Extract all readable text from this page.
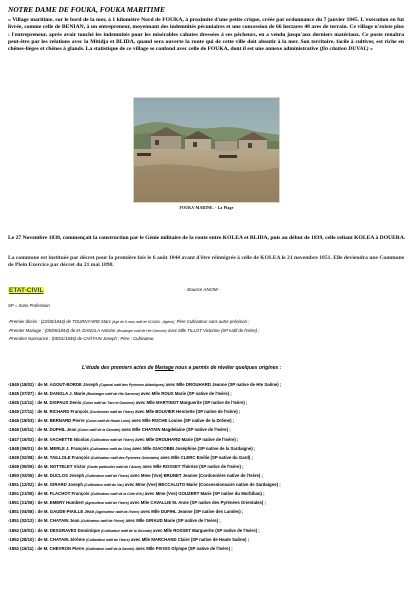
NOTRE DAME DE FOUKA, FOUKA MARITIME
« Village maritime, sur le bord de la mer, à 1 kilomètre Nord de FOUKA, à proximité d'une petite crique, créée par ordonnance du 7 janvier 1845. L'exécution en fut livrée, comme celle de BENIAN, à un entrepreneur, moyennant des indemnités pécuniaires et une concession de 66 hectares 48 ares de terrain. Ce village n'existe plus : l'entrepreneur, après avoir touché les indemnités pour les misérables cahutes dressées à ses pêcheurs, en a vendu jusqu'aux derniers matériaux. Ce poste renaîtra peut-être par les relations avec la Mitidja et BLIDA, quand sera ouverte la route qui de cette ville doit aboutir à la mer. Son territoire, facile à cultiver, est riche en chênes-lièges et chênes à glands. La statistique de ce village se confond avec celle de FOUKA, dont il est une annexe administrative (fin citation DUVAL) »
FOUKA-MARINE. - La Plage
Le 27 Novembre 1838, commençait la construction par le Génie militaire de la route entre KOLEA et BLIDA, puis au début de 1839, celle reliant KOLEA à DOUERA.
La commune est instituée par décret pour la première fois le 6 août 1844 avant d'être réintégrée à celle de KOLEA le 21 novembre 1851. Elle deviendra une Commune de Plein Exercice par décret du 21 mai 1890.
ETAT-CIVIL	- Source ANOM -
SP = Sans Profession
-Premier décès : (22/06/1844) de TOURNYAIRE Marc (Agé de 9 mois natif de KOUBA - Algérie); Père Cultivateur sans autre précision ;
-Premier Mariage : (05/06/1844) de M. DANGLA Antoine (Boulanger natif de Hte Garonne) avec Mlle TILLOT Victorine (SP natif de l'Isère) ;
-Première Naissance : (05/01/1845) de CHÂTAIN Joseph ; Père : Cultivateur.
L'étude des premiers actes de Mariage nous a permis de révéler quelques origines :
-1845 (18/02) : de M. AGOUT-BORDE Joseph (Caporal natif des Pyrénées Atlantiques) avec Mlle DROUHARD Jeanne (SP native de Hte Saône) ;
-1845 (07/07) : de M. DANGLA J. Marie (Boulanger natif de Hte Garonne) avec Mlle ROUX Marie (SP native de l'Isère) ;
-1845 (12/11) : de M. DISPAUS Denis (Colon natif du Tarn et Garonne) avec Mlle MARTINOT Marguerite (SP native de l'Isère) ;
-1845 (27/11) : de M. RICHARD François (Cordonnier natif de l'Isère) avec Mlle BOUVIER Henriette (SP native de l'Isère) ;
-1846 (18/03) : de M. BERNARD Pierre (Colon natif de Haute Loire) avec Mlle ROCHE Louise (SP native de la Drôme) ;
-1846 (19/11) : de M. DUPHIL Jean (Colon natif de la Gironde) avec Mlle CHATAIN Magdelaine (SP native de l'Isère) ;
-1847 (16/02) : de M. VACHETTE Nicolas (Cultivateur natif de l'Isère) avec Mlle DROUHARD Marie (SP native de l'Isère) ;
-1848 (06/01) : de M. MERLE J. François (Cultivateur natif de l'Ain) avec Mlle GIACOBBI Joséphine (SP native de la Sardaigne) ;
-1849 (02/08) : de M. TAILLOLE François (Cultivateur natif des Pyrénées Orientales) avec Mlle CLERC Emilie (SP native du Gard) ;
-1849 (05/09) : de M. NOTTELET Victor (Garde particulier natif de l'Aisne) avec Mlle ROSSET Thérèze (SP native de l'Isère) ;
-1850 (02/05) : de M. DUCLOS Joseph (Cultivateur natif de l'Isère) avec Mme (Vve) BRUNET Jeanne (Cordonnière native de l'Isère) ;
-1851 (12/02) : de M. GIRARD Joseph (Cultivateur natif du Var) avec Mme (Vve) BECCALUTO Marie (Concessionnaire native de Sardaigne) ;
-1851 (21/05) : de M. FLACHOT François (Cultivateur natif de la Côte d'Or) avec Mme (Vve) GOUZERT Marie (SP native du Morbihan) ;
-1851 (21/06) : de M. EMERY Humbert (Agriculteur natif de l'Isère) avec Mlle CAVALLIE M. Anne (SP native des Pyrénées Orientales) ;
-1851 (04/08) : de M. GAUDE-PIAILLE Jean (Agriculteur natif de l'Isère) avec Mlle DUFIHL Jeanne (SP native des Landes) ;
-1851 (02/12) : de M. CHATAIN Jean (Cultivateur natif de l'Isère) avec Mlle GIRAUD Marie (SP native de l'Isère) ;
-1852 (19/01) : de M. DESGRAVES Dominique (Cultivateur natif de la Gironde) avec Mlle ROSSET Marguerite (SP native de l'Isère) ;
-1852 (28/10) : de M. CHATAIN Jérôme (Cultivateur natif de l'Isère) avec Mlle MARCHAND Claire (SP native de Haute Saône) ;
-1852 (16/11) : de M. CHEVRON Pierre (Cultivateur natif de la Savoie) avec Mlle PIVOIS Olympe (SP native de l'Isère) ;
